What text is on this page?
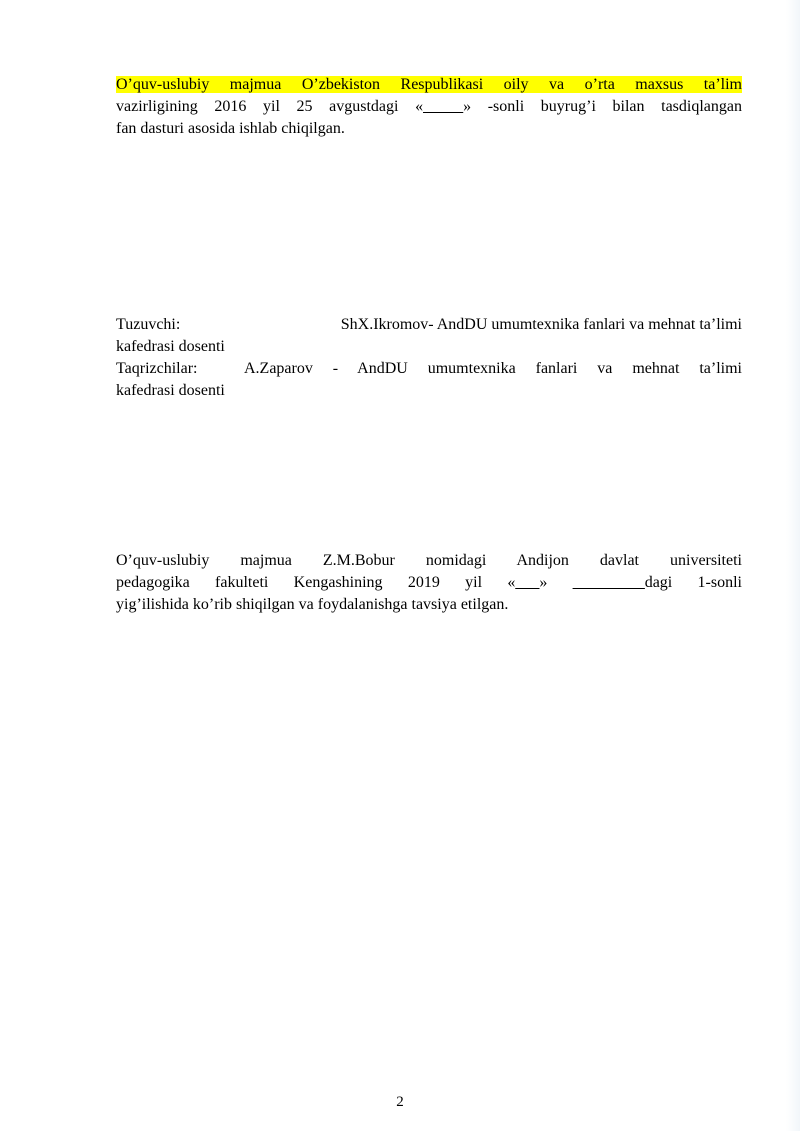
O’quv-uslubiy majmua O’zbekiston Respublikasi oily va o’rta maxsus ta’lim
vazirligining 2016 yil 25 avgustdagi «_____» -sonli buyrug’i bilan tasdiqlangan
fan dasturi asosida ishlab chiqilgan.
Tuzuvchi:	ShX.Ikromov- AndDU umumtexnika fanlari va mehnat ta’limi
kafedrasi dosenti
Taqrizchilar:	A.Zaparov - AndDU umumtexnika fanlari va mehnat ta’limi
kafedrasi dosenti
O’quv-uslubiy majmua Z.M.Bobur nomidagi Andijon davlat universiteti
pedagogika fakulteti Kengashining 2019 yil «___» _________dagi 1-sonli
yig’ilishida ko’rib shiqilgan va foydalanishga tavsiya etilgan.
2
